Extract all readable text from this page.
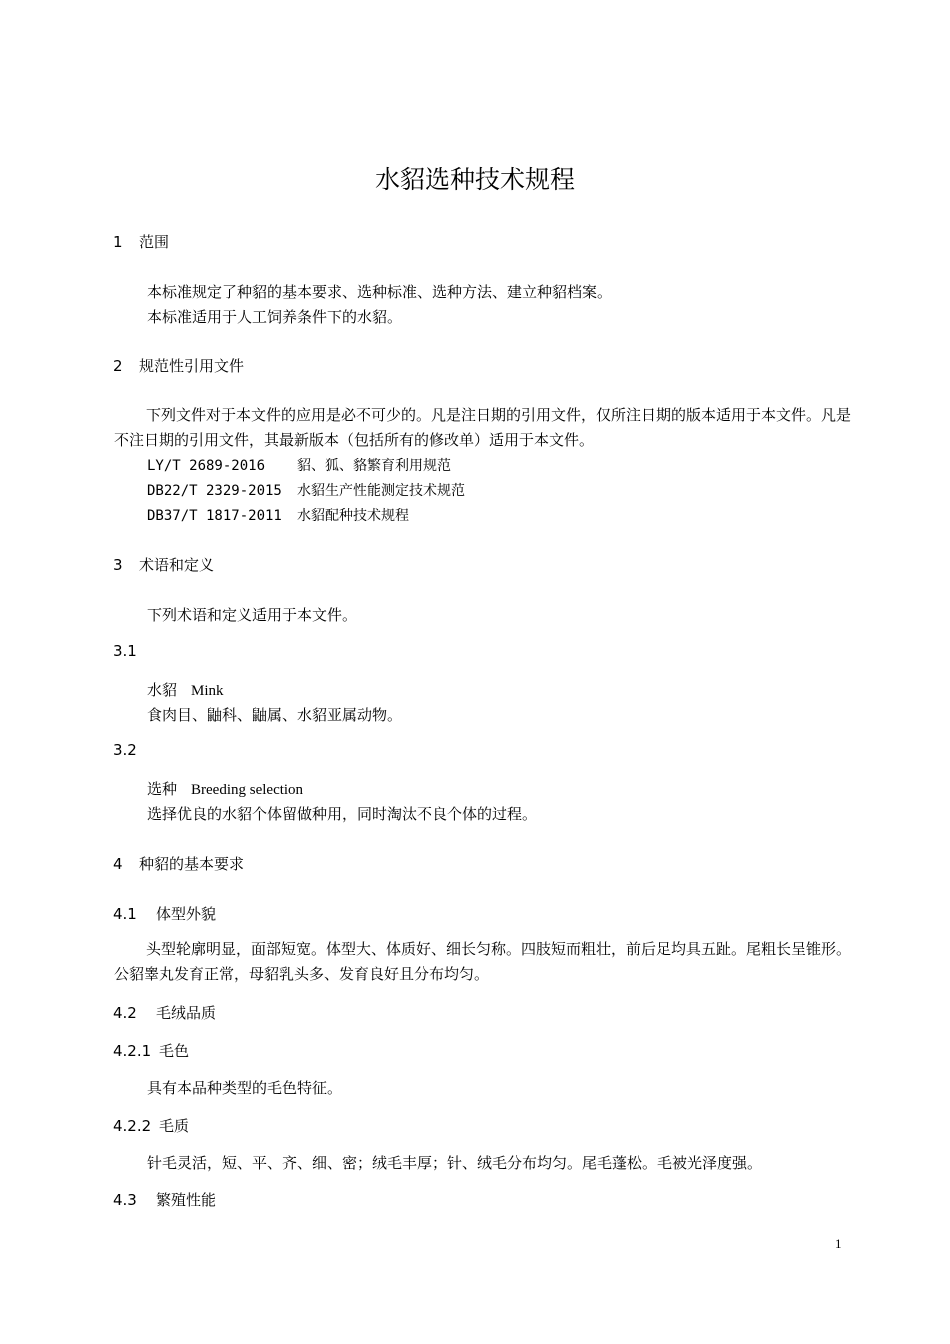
水貂选种技术规程
1 范围
本标准规定了种貂的基本要求、选种标准、选种方法、建立种貂档案。
本标准适用于人工饲养条件下的水貂。
2 规范性引用文件
下列文件对于本文件的应用是必不可少的。凡是注日期的引用文件，仅所注日期的版本适用于本文件。凡是不注日期的引用文件，其最新版本（包括所有的修改单）适用于本文件。
LY/T 2689-2016 貂、狐、貉繁育利用规范
DB22/T 2329-2015 水貂生产性能测定技术规范
DB37/T 1817-2011 水貂配种技术规程
3 术语和定义
下列术语和定义适用于本文件。
3.1
水貂 Mink
食肉目、鼬科、鼬属、水貂亚属动物。
3.2
选种 Breeding selection
选择优良的水貂个体留做种用，同时淘汰不良个体的过程。
4 种貂的基本要求
4.1 体型外貌
头型轮廓明显，面部短宽。体型大、体质好、细长匀称。四肢短而粗壮，前后足均具五趾。尾粗长呈锥形。公貂睾丸发育正常，母貂乳头多、发育良好且分布均匀。
4.2 毛绒品质
4.2.1 毛色
具有本品种类型的毛色特征。
4.2.2 毛质
针毛灵活，短、平、齐、细、密；绒毛丰厚；针、绒毛分布均匀。尾毛蓬松。毛被光泽度强。
4.3 繁殖性能
1
